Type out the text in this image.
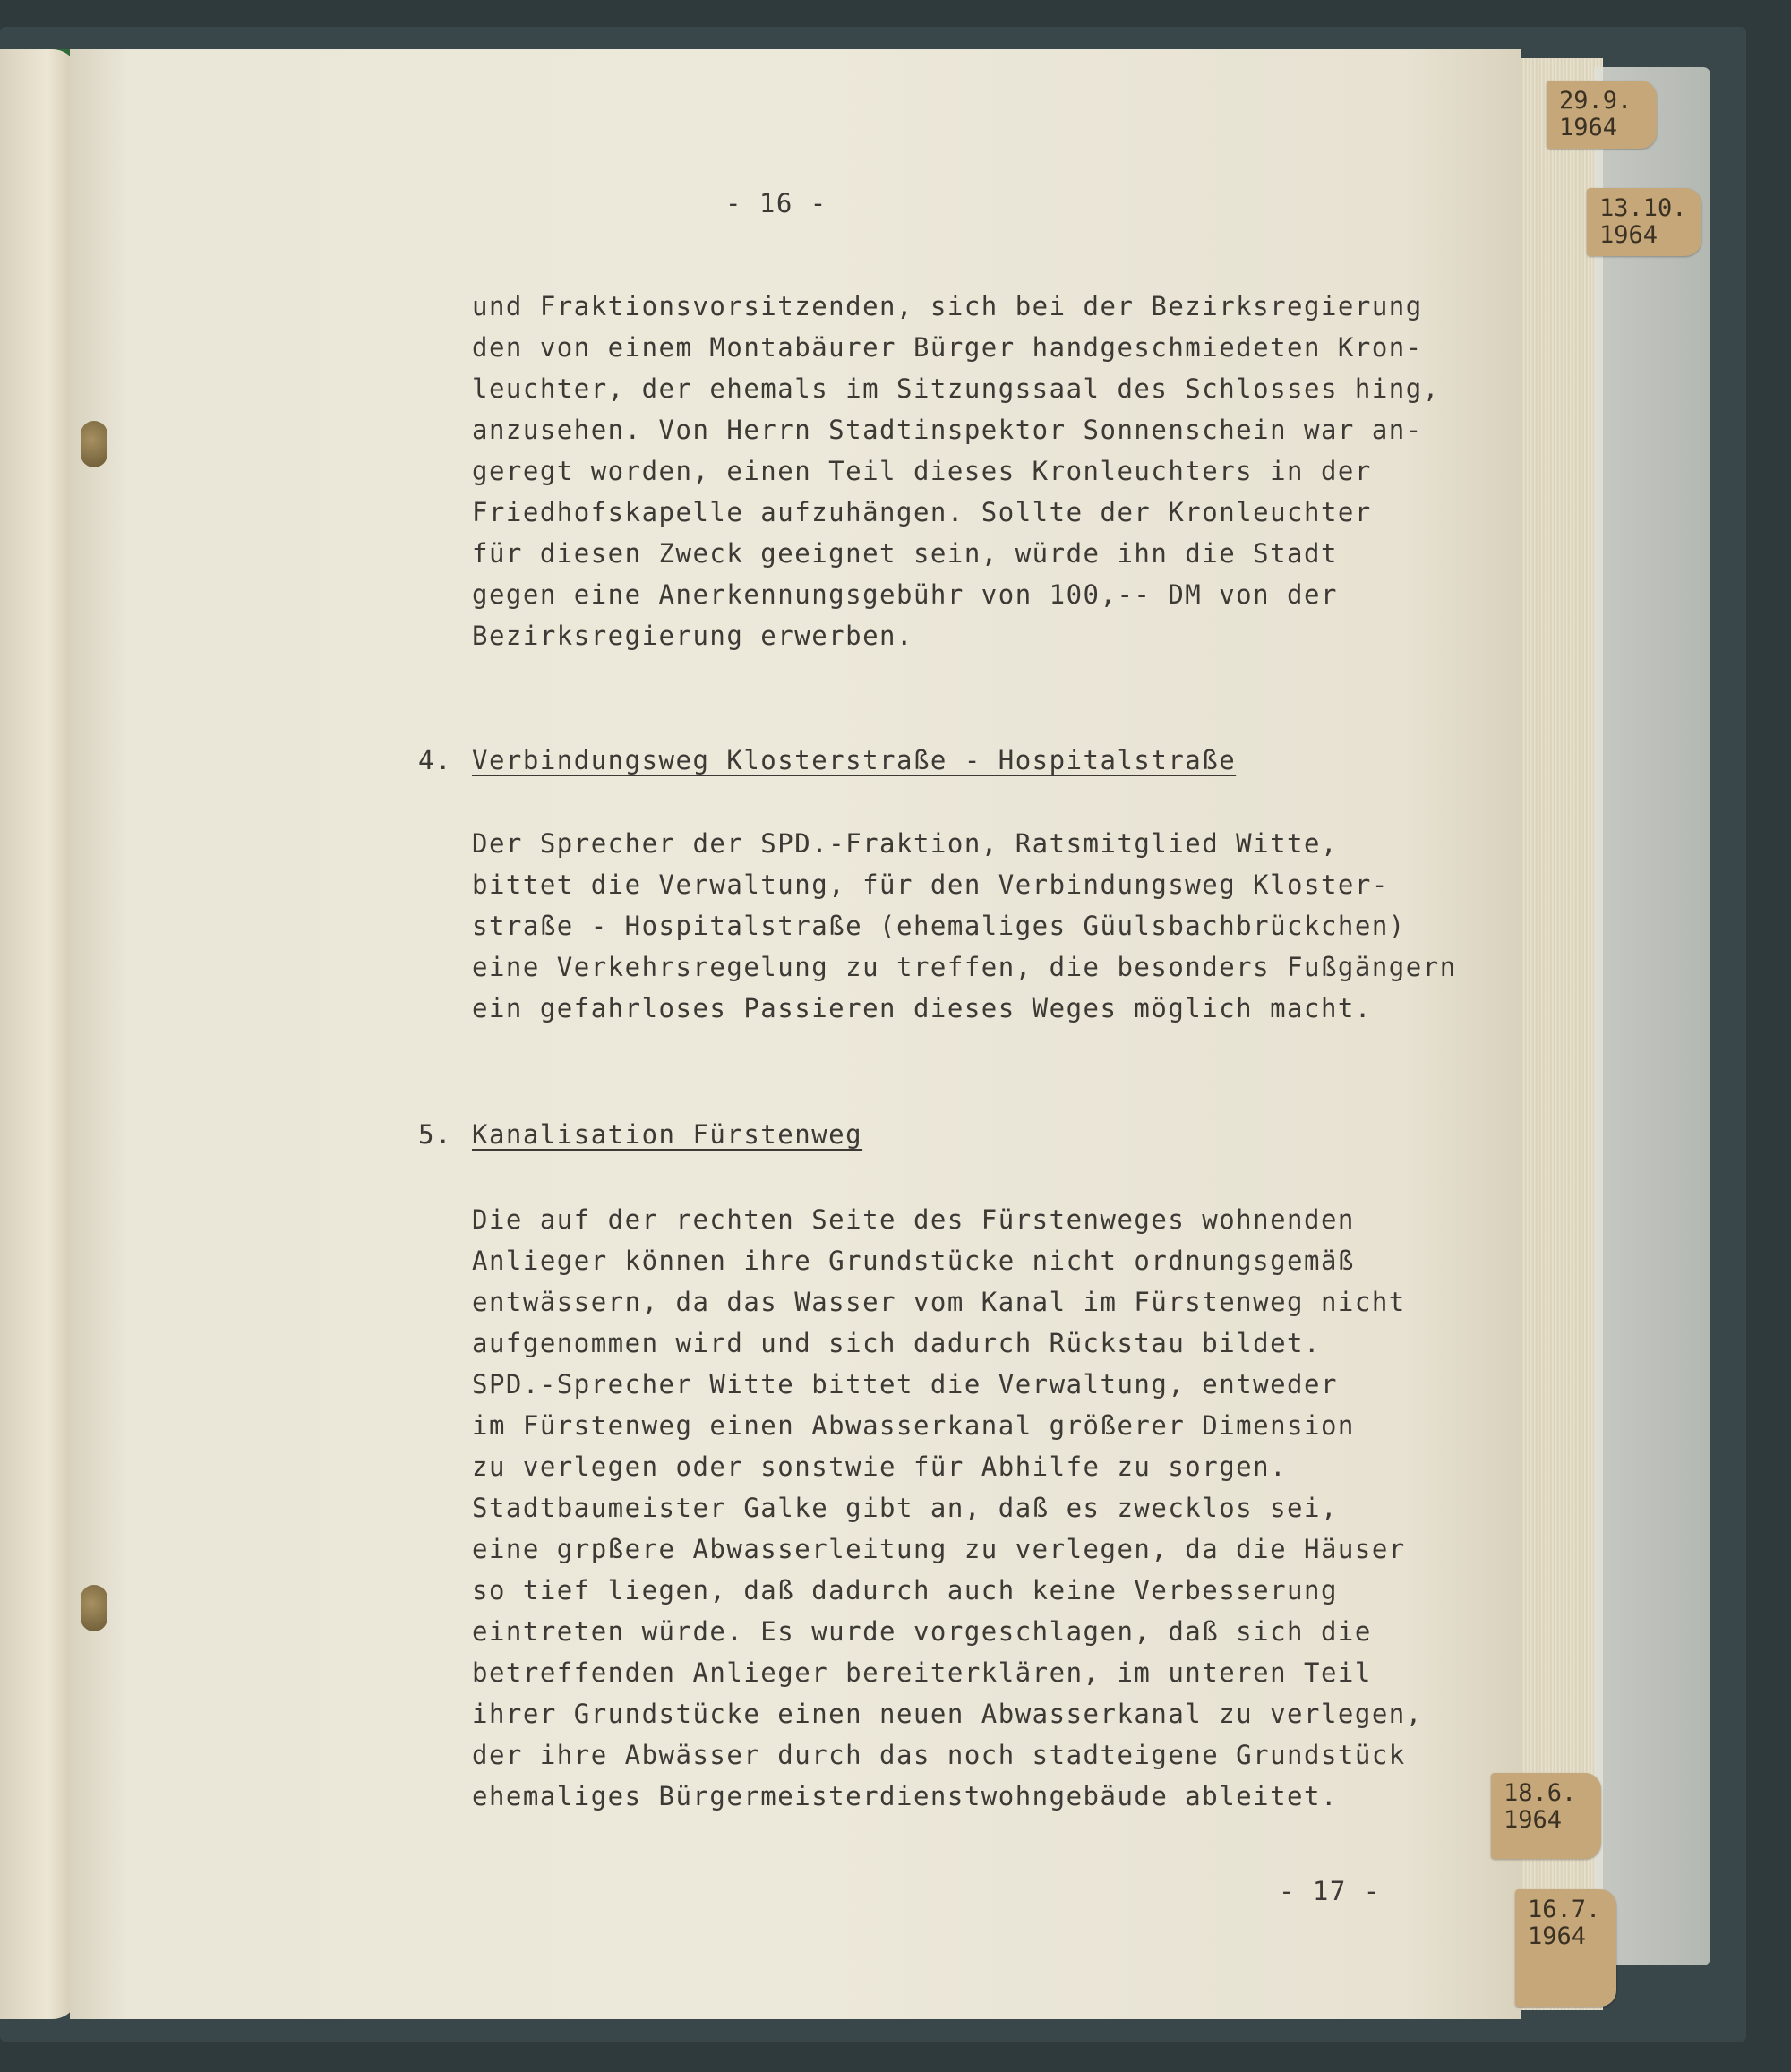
- 16 -

und Fraktionsvorsitzenden, sich bei der Bezirksregierung

den von einem Montabäurer Bürger handgeschmiedeten Kron-

leuchter, der ehemals im Sitzungssaal des Schlosses hing,

anzusehen. Von Herrn Stadtinspektor Sonnenschein war an-

geregt worden, einen Teil dieses Kronleuchters in der

Friedhofskapelle aufzuhängen. Sollte der Kronleuchter

für diesen Zweck geeignet sein, würde ihn die Stadt

gegen eine Anerkennungsgebühr von 100,-- DM von der

Bezirksregierung erwerben.

4.

Verbindungsweg Klosterstraße - Hospitalstraße

Der Sprecher der SPD.-Fraktion, Ratsmitglied Witte,

bittet die Verwaltung, für den Verbindungsweg Kloster-

straße - Hospitalstraße (ehemaliges Güulsbachbrückchen)

eine Verkehrsregelung zu treffen, die besonders Fußgängern

ein gefahrloses Passieren dieses Weges möglich macht.

5.

Kanalisation Fürstenweg

Die auf der rechten Seite des Fürstenweges wohnenden

Anlieger können ihre Grundstücke nicht ordnungsgemäß

entwässern, da das Wasser vom Kanal im Fürstenweg nicht

aufgenommen wird und sich dadurch Rückstau bildet.

SPD.-Sprecher Witte bittet die Verwaltung, entweder

im Fürstenweg einen Abwasserkanal größerer Dimension

zu verlegen oder sonstwie für Abhilfe zu sorgen.

Stadtbaumeister Galke gibt an, daß es zwecklos sei,

eine grpßere Abwasserleitung zu verlegen, da die Häuser

so tief liegen, daß dadurch auch keine Verbesserung

eintreten würde. Es wurde vorgeschlagen, daß sich die

betreffenden Anlieger bereiterklären, im unteren Teil

ihrer Grundstücke einen neuen Abwasserkanal zu verlegen,

der ihre Abwässer durch das noch stadteigene Grundstück

ehemaliges Bürgermeisterdienstwohngebäude ableitet.

- 17 -

29.9.
1964
13.10.
1964
18.6.
1964
16.7.
1964
